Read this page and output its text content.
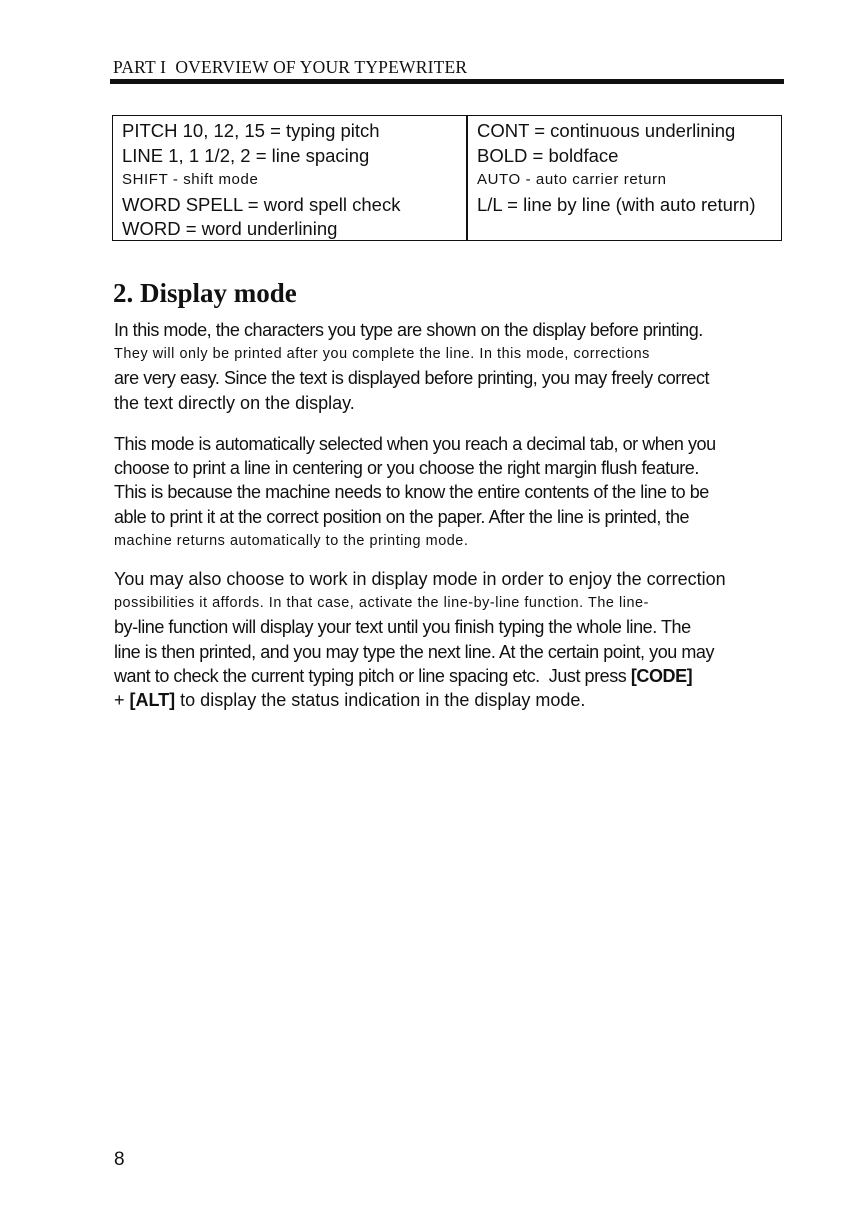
PART I OVERVIEW OF YOUR TYPEWRITER
PITCH 10, 12, 15 = typing pitch
LINE 1, 1 1/2, 2 = line spacing
SHIFT - shift mode
WORD SPELL = word spell check
WORD = word underlining
CONT = continuous underlining
BOLD = boldface
AUTO - auto carrier return
L/L = line by line (with auto return)
2. Display mode
In this mode, the characters you type are shown on the display before printing.
They will only be printed after you complete the line. In this mode, corrections
are very easy. Since the text is displayed before printing, you may freely correct
the text directly on the display.
This mode is automatically selected when you reach a decimal tab, or when you
choose to print a line in centering or you choose the right margin flush feature.
This is because the machine needs to know the entire contents of the line to be
able to print it at the correct position on the paper. After the line is printed, the
machine returns automatically to the printing mode.
You may also choose to work in display mode in order to enjoy the correction
possibilities it affords. In that case, activate the line-by-line function. The line-
by-line function will display your text until you finish typing the whole line. The
line is then printed, and you may type the next line. At the certain point, you may
want to check the current typing pitch or line spacing etc.  Just press [CODE]
+ [ALT] to display the status indication in the display mode.
8
